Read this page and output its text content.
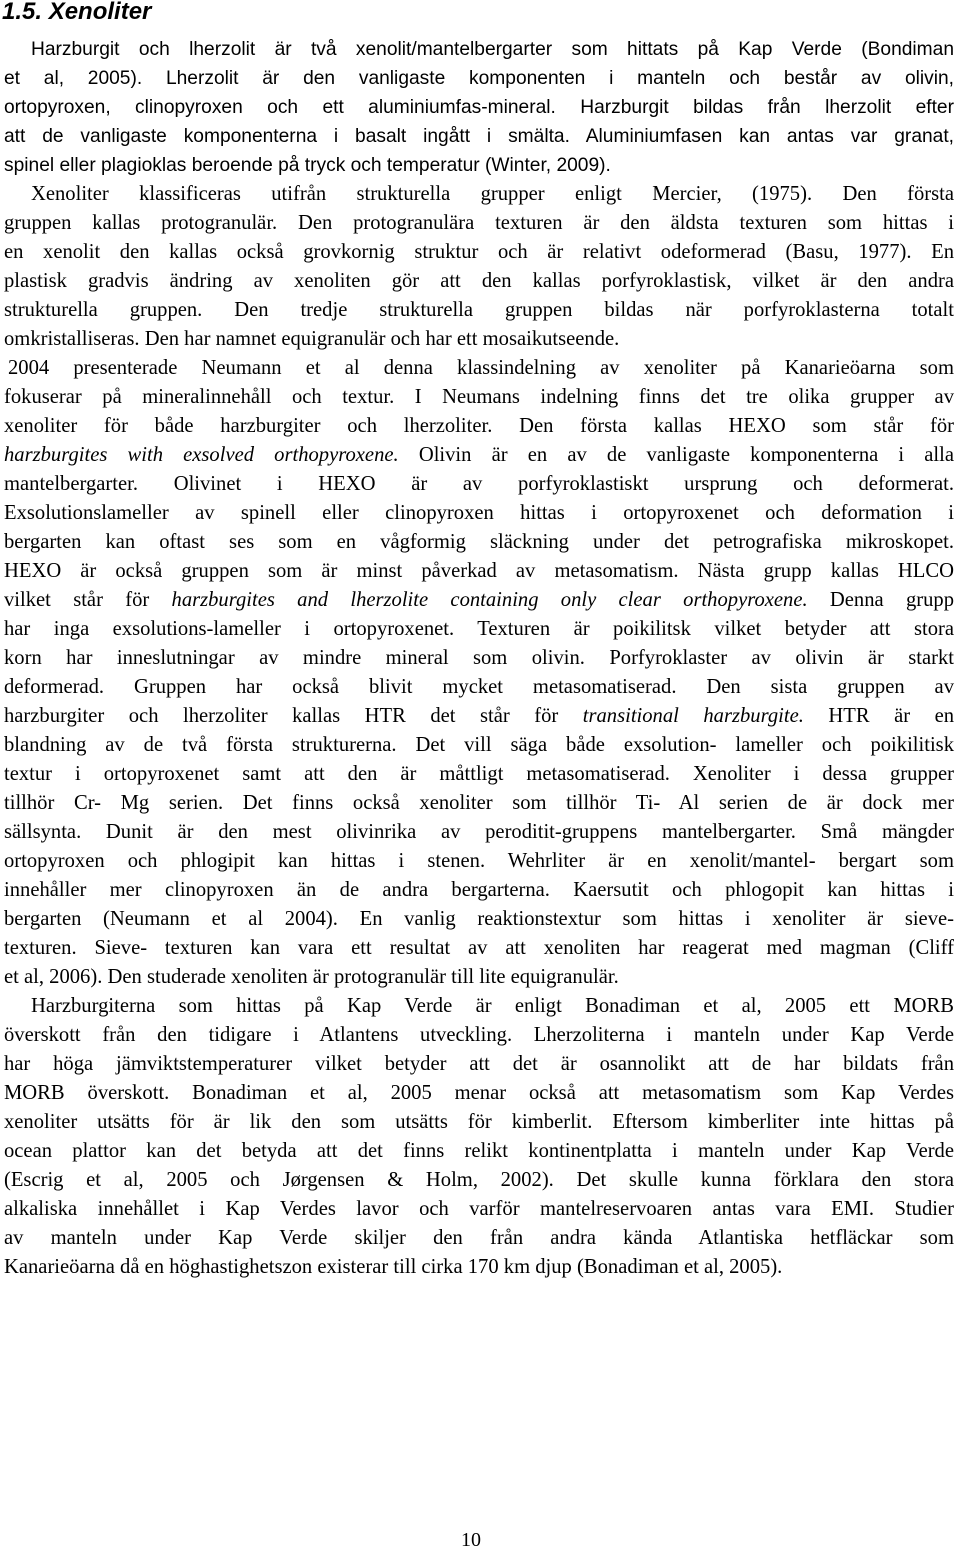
1.5. Xenoliter

Harzburgit och lherzolit är två xenolit/mantelbergarter som hittats på Kap Verde (Bondiman

et al, 2005). Lherzolit är den vanligaste komponenten i manteln och består av olivin,

ortopyroxen, clinopyroxen och ett aluminiumfas-mineral. Harzburgit bildas från lherzolit efter

att de vanligaste komponenterna i basalt ingått i smälta. Aluminiumfasen kan antas var granat,

spinel eller plagioklas beroende på tryck och temperatur (Winter, 2009).

Xenoliter klassificeras utifrån strukturella grupper enligt Mercier, (1975). Den första

gruppen kallas protogranulär. Den protogranulära texturen är den äldsta texturen som hittas i

en xenolit den kallas också grovkornig struktur och är relativt odeformerad (Basu, 1977). En

plastisk gradvis ändring av xenoliten gör att den kallas porfyroklastisk, vilket är den andra

strukturella gruppen. Den tredje strukturella gruppen bildas när porfyroklasterna totalt

omkristalliseras. Den har namnet equigranulär och har ett mosaikutseende.

2004 presenterade Neumann et al denna klassindelning av xenoliter på Kanarieöarna som

fokuserar på mineralinnehåll och textur. I Neumans indelning finns det tre olika grupper av

xenoliter för både harzburgiter och lherzoliter. Den första kallas HEXO som står för

harzburgites with exsolved orthopyroxene. Olivin är en av de vanligaste komponenterna i alla

mantelbergarter. Olivinet i HEXO är av porfyroklastiskt ursprung och deformerat.

Exsolutionslameller av spinell eller clinopyroxen hittas i ortopyroxenet och deformation i

bergarten kan oftast ses som en vågformig släckning under det petrografiska mikroskopet.

HEXO är också gruppen som är minst påverkad av metasomatism. Nästa grupp kallas HLCO

vilket står för harzburgites and lherzolite containing only clear orthopyroxene. Denna grupp

har inga exsolutions-lameller i ortopyroxenet. Texturen är poikilitsk vilket betyder att stora

korn har inneslutningar av mindre mineral som olivin. Porfyroklaster av olivin är starkt

deformerad. Gruppen har också blivit mycket metasomatiserad. Den sista gruppen av

harzburgiter och lherzoliter kallas HTR det står för transitional harzburgite. HTR är en

blandning av de två första strukturerna. Det vill säga både exsolution- lameller och poikilitisk

textur i ortopyroxenet samt att den är måttligt metasomatiserad. Xenoliter i dessa grupper

tillhör Cr- Mg serien. Det finns också xenoliter som tillhör Ti- Al serien de är dock mer

sällsynta. Dunit är den mest olivinrika av peroditit-gruppens mantelbergarter. Små mängder

ortopyroxen och phlogipit kan hittas i stenen. Wehrliter är en xenolit/mantel- bergart som

innehåller mer clinopyroxen än de andra bergarterna. Kaersutit och phlogopit kan hittas i

bergarten (Neumann et al 2004). En vanlig reaktionstextur som hittas i xenoliter är sieve-

texturen. Sieve- texturen kan vara ett resultat av att xenoliten har reagerat med magman (Cliff

et al, 2006). Den studerade xenoliten är protogranulär till lite equigranulär.

Harzburgiterna som hittas på Kap Verde är enligt Bonadiman et al, 2005 ett MORB

överskott från den tidigare i Atlantens utveckling. Lherzoliterna i manteln under Kap Verde

har höga jämviktstemperaturer vilket betyder att det är osannolikt att de har bildats från

MORB överskott. Bonadiman et al, 2005 menar också att metasomatism som Kap Verdes

xenoliter utsätts för är lik den som utsätts för kimberlit. Eftersom kimberliter inte hittas på

ocean plattor kan det betyda att det finns relikt kontinentplatta i manteln under Kap Verde

(Escrig et al, 2005 och Jørgensen & Holm, 2002). Det skulle kunna förklara den stora

alkaliska innehållet i Kap Verdes lavor och varför mantelreservoaren antas vara EMI. Studier

av manteln under Kap Verde skiljer den från andra kända Atlantiska hetfläckar som

Kanarieöarna då en höghastighetszon existerar till cirka 170 km djup (Bonadiman et al, 2005).

10
